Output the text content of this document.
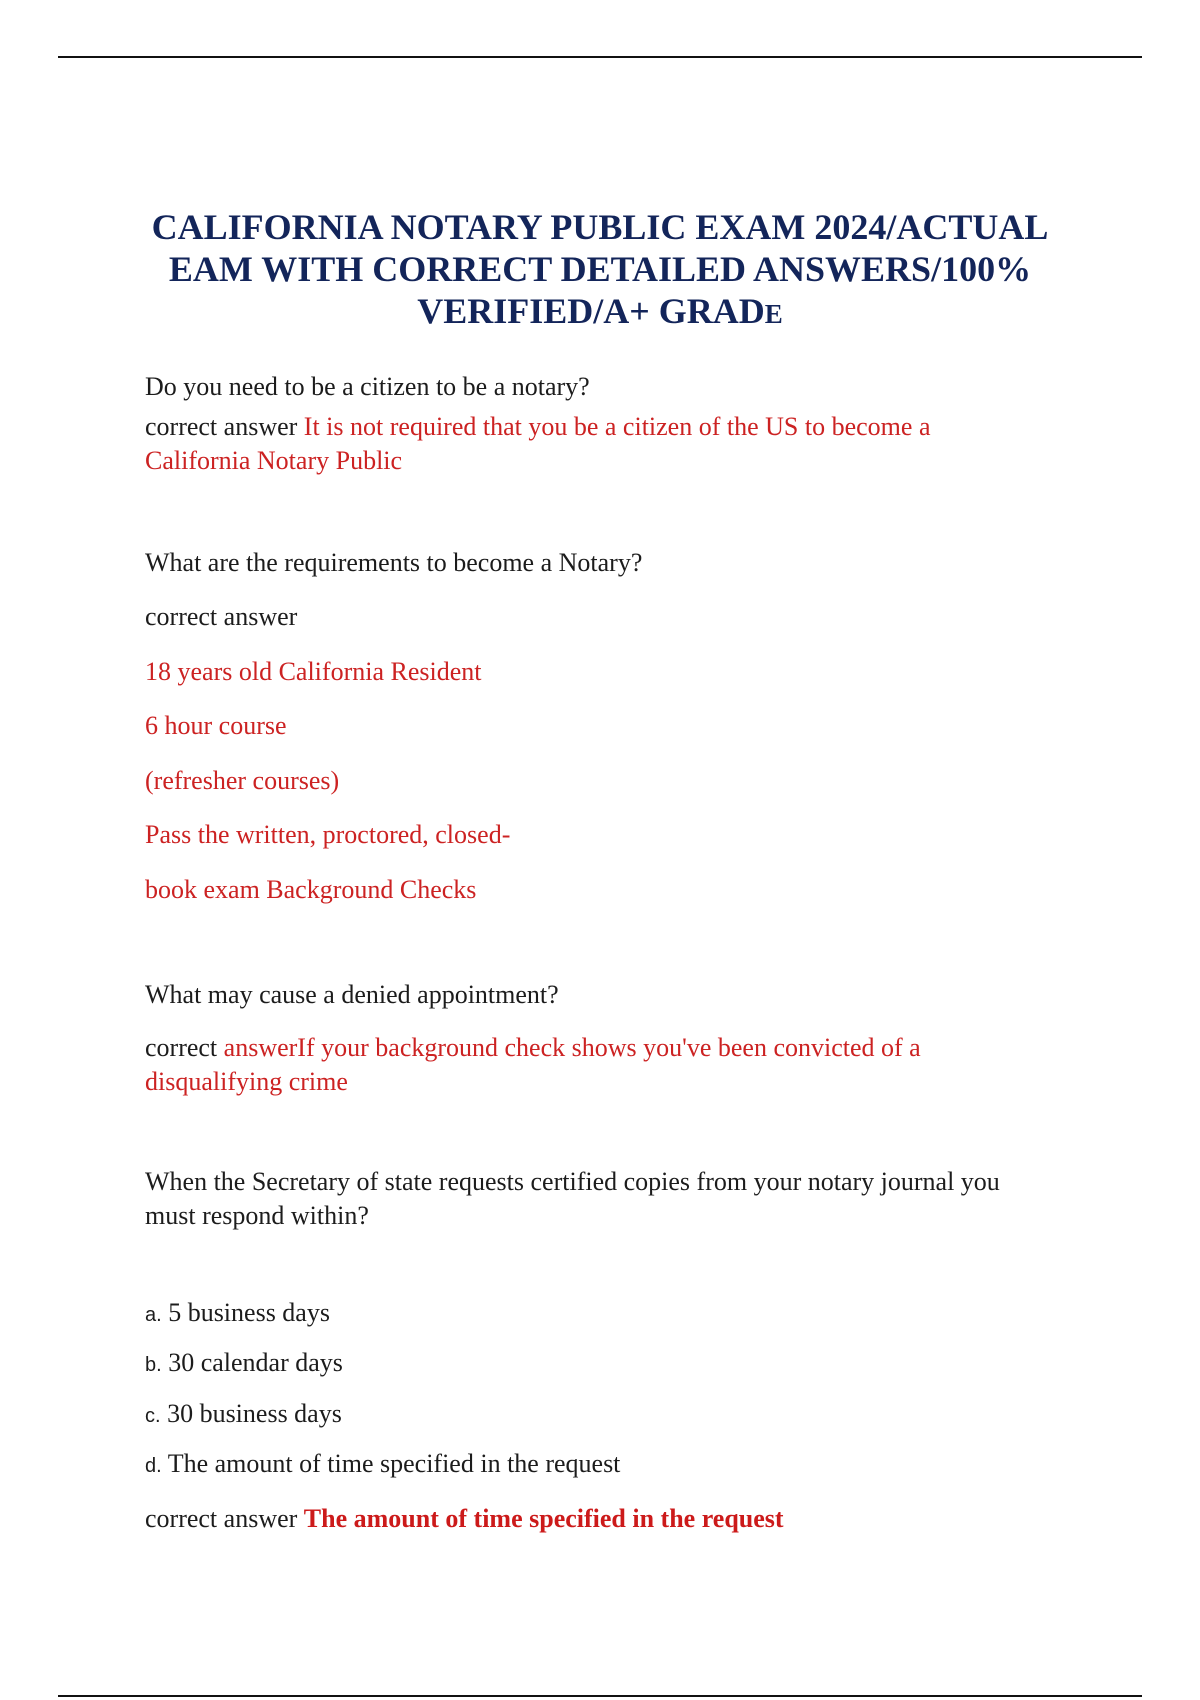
CALIFORNIA NOTARY PUBLIC EXAM 2024/ACTUAL
EAM WITH CORRECT DETAILED ANSWERS/100%
VERIFIED/A+ GRADE
Do you need to be a citizen to be a notary?
correct answer It is not required that you be a citizen of the US to become a
California Notary Public
What are the requirements to become a Notary?
correct answer
18 years old California Resident
6 hour course
(refresher courses)
Pass the written, proctored, closed-
book exam Background Checks
What may cause a denied appointment?
correct answerIf your background check shows you've been convicted of a
disqualifying crime
When the Secretary of state requests certified copies from your notary journal you
must respond within?
a. 5 business days
b. 30 calendar days
c. 30 business days
d. The amount of time specified in the request
correct answer The amount of time specified in the request
